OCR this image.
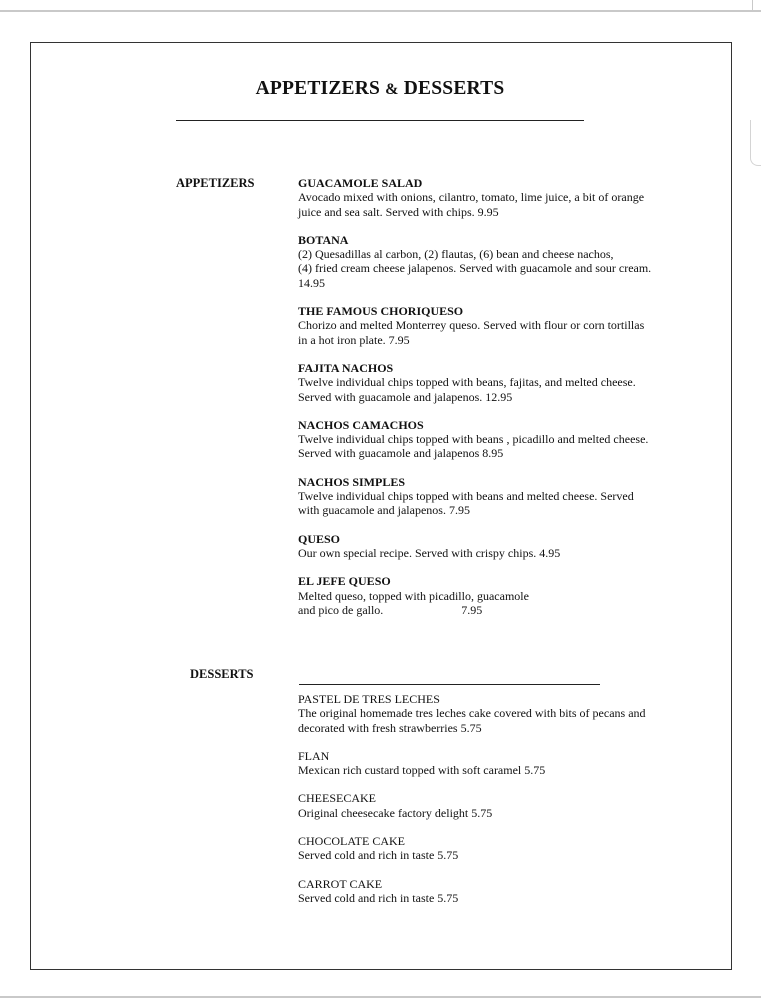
APPETIZERS & DESSERTS
APPETIZERS	GUACAMOLE SALAD
Avocado mixed with onions, cilantro, tomato, lime juice, a bit of orange
juice and sea salt. Served with chips. 9.95
BOTANA
(2) Quesadillas al carbon, (2) flautas, (6) bean and cheese nachos,
(4) fried cream cheese jalapenos. Served with guacamole and sour cream.
14.95
THE FAMOUS CHORIQUESO
Chorizo and melted Monterrey queso. Served with flour or corn tortillas
in a hot iron plate. 7.95
FAJITA NACHOS
Twelve individual chips topped with beans, fajitas, and melted cheese.
Served with guacamole and jalapenos. 12.95
NACHOS CAMACHOS
Twelve individual chips topped with beans , picadillo and melted cheese.
Served with guacamole and jalapenos 8.95
NACHOS SIMPLES
Twelve individual chips topped with beans and melted cheese. Served
with guacamole and jalapenos. 7.95
QUESO
Our own special recipe. Served with crispy chips. 4.95
EL JEFE QUESO
Melted queso, topped with picadillo, guacamole
and pico de gallo.                          7.95
DESSERTS
PASTEL DE TRES LECHES
The original homemade tres leches cake covered with bits of pecans and
decorated with fresh strawberries 5.75
FLAN
Mexican rich custard topped with soft caramel 5.75
CHEESECAKE
Original cheesecake factory delight 5.75
CHOCOLATE CAKE
Served cold and rich in taste 5.75
CARROT CAKE
Served cold and rich in taste 5.75
